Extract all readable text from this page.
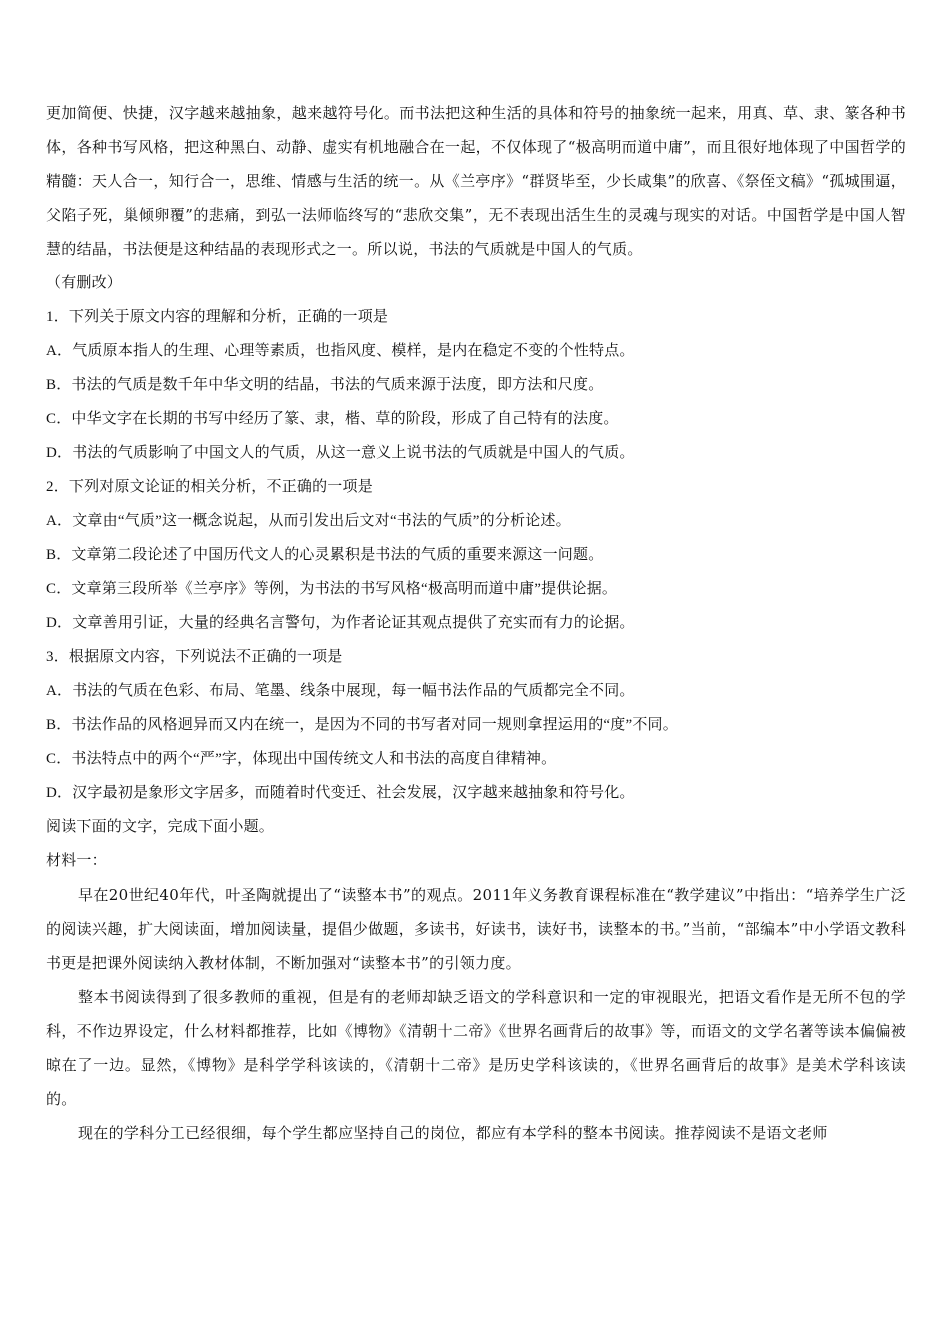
更加简便、快捷，汉字越来越抽象，越来越符号化。而书法把这种生活的具体和符号的抽象统一起来，用真、草、隶、篆各种书体，各种书写风格，把这种黑白、动静、虚实有机地融合在一起，不仅体现了“极高明而道中庸”，而且很好地体现了中国哲学的精髓：天人合一，知行合一，思维、情感与生活的统一。从《兰亭序》“群贤毕至，少长咸集”的欣喜、《祭侄文稿》“孤城围逼，父陷子死，巢倾卵覆”的悲痛，到弘一法师临终写的“悲欣交集”，无不表现出活生生的灵魂与现实的对话。中国哲学是中国人智慧的结晶，书法便是这种结晶的表现形式之一。所以说，书法的气质就是中国人的气质。

（有删改）

1．下列关于原文内容的理解和分析，正确的一项是

A．气质原本指人的生理、心理等素质，也指风度、模样，是内在稳定不变的个性特点。

B．书法的气质是数千年中华文明的结晶，书法的气质来源于法度，即方法和尺度。

C．中华文字在长期的书写中经历了篆、隶，楷、草的阶段，形成了自己特有的法度。

D．书法的气质影响了中国文人的气质，从这一意义上说书法的气质就是中国人的气质。

2．下列对原文论证的相关分析，不正确的一项是

A．文章由“气质”这一概念说起，从而引发出后文对“书法的气质”的分析论述。

B．文章第二段论述了中国历代文人的心灵累积是书法的气质的重要来源这一问题。

C．文章第三段所举《兰亭序》等例，为书法的书写风格“极高明而道中庸”提供论据。

D．文章善用引证，大量的经典名言警句，为作者论证其观点提供了充实而有力的论据。

3．根据原文内容，下列说法不正确的一项是

A．书法的气质在色彩、布局、笔墨、线条中展现，每一幅书法作品的气质都完全不同。

B．书法作品的风格迥异而又内在统一，是因为不同的书写者对同一规则拿捏运用的“度”不同。

C．书法特点中的两个“严”字，体现出中国传统文人和书法的高度自律精神。

D．汉字最初是象形文字居多，而随着时代变迁、社会发展，汉字越来越抽象和符号化。

阅读下面的文字，完成下面小题。

材料一：

早在20世纪40年代，叶圣陶就提出了“读整本书”的观点。2011年义务教育课程标准在“教学建议”中指出：“培养学生广泛的阅读兴趣，扩大阅读面，增加阅读量，提倡少做题，多读书，好读书，读好书，读整本的书。”当前，“部编本”中小学语文教科书更是把课外阅读纳入教材体制，不断加强对“读整本书”的引领力度。

整本书阅读得到了很多教师的重视，但是有的老师却缺乏语文的学科意识和一定的审视眼光，把语文看作是无所不包的学科，不作边界设定，什么材料都推荐，比如《博物》《清朝十二帝》《世界名画背后的故事》等，而语文的文学名著等读本偏偏被晾在了一边。显然，《博物》是科学学科该读的，《清朝十二帝》是历史学科该读的，《世界名画背后的故事》是美术学科该读的。

现在的学科分工已经很细，每个学生都应坚持自己的岗位，都应有本学科的整本书阅读。推荐阅读不是语文老师
